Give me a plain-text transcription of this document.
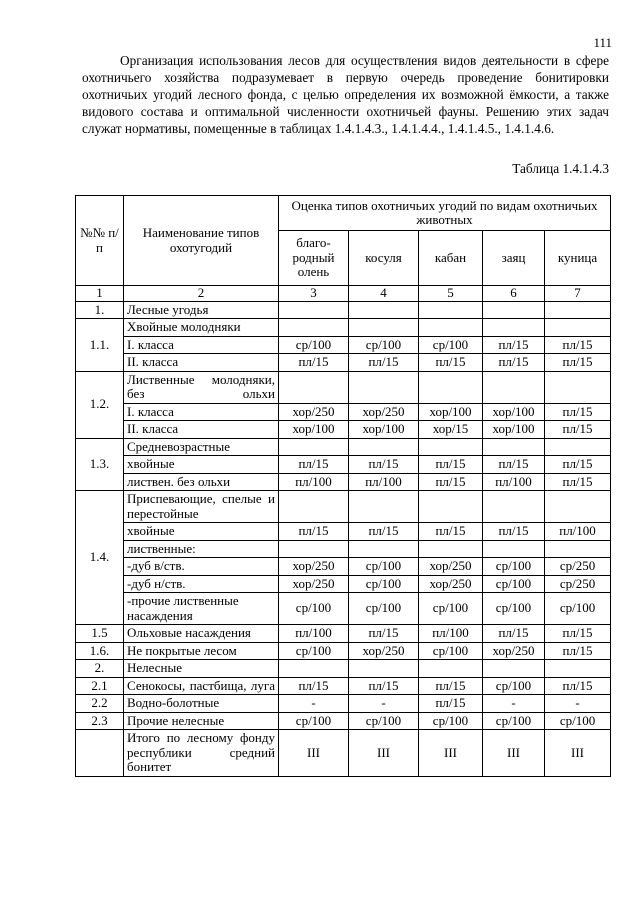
111

Организация использования лесов для осуществления видов деятельности в сфере охотничьего хозяйства подразумевает в первую очередь проведение бонитировки охотничьих угодий лесного фонда, с целью определения их возможной ёмкости, а также видового состава и оптимальной численности охотничьей фауны. Решению этих задач служат нормативы, помещенные в таблицах 1.4.1.4.3., 1.4.1.4.4., 1.4.1.4.5., 1.4.1.4.6.

Таблица 1.4.1.4.3
№№ п/п	Наименование типов охотугодий	Оценка типов охотничьих угодий по видам охотничьих животных				
		благо-родный олень	косуля	кабан	заяц	куница
1	2	3	4	5	6	7
1.	Лесные угодья					
1.1.	Хвойные молодняки					
	I. класса	ср/100	ср/100	ср/100	пл/15	пл/15
	II. класса	пл/15	пл/15	пл/15	пл/15	пл/15
1.2.	Лиственные молодняки, без ольхи					
	I. класса	хор/250	хор/250	хор/100	хор/100	пл/15
	II. класса	хор/100	хор/100	хор/15	хор/100	пл/15
1.3.	Средневозрастные					
	хвойные	пл/15	пл/15	пл/15	пл/15	пл/15
	листвен. без ольхи	пл/100	пл/100	пл/15	пл/100	пл/15
1.4.	Приспевающие, спелые и перестойные					
	хвойные	пл/15	пл/15	пл/15	пл/15	пл/100
	лиственные:					
	-дуб в/ств.	хор/250	ср/100	хор/250	ср/100	ср/250
	-дуб н/ств.	хор/250	ср/100	хор/250	ср/100	ср/250
	-прочие лиственные насаждения	ср/100	ср/100	ср/100	ср/100	ср/100
1.5	Ольховые насаждения	пл/100	пл/15	пл/100	пл/15	пл/15
1.6.	Не покрытые лесом	ср/100	хор/250	ср/100	хор/250	пл/15
2.	Нелесные					
2.1	Сенокосы, пастбища, луга	пл/15	пл/15	пл/15	ср/100	пл/15
2.2	Водно-болотные	-	-	пл/15	-	-
2.3	Прочие нелесные	ср/100	ср/100	ср/100	ср/100	ср/100
	Итого по лесному фонду республики средний бонитет	III	III	III	III	III
